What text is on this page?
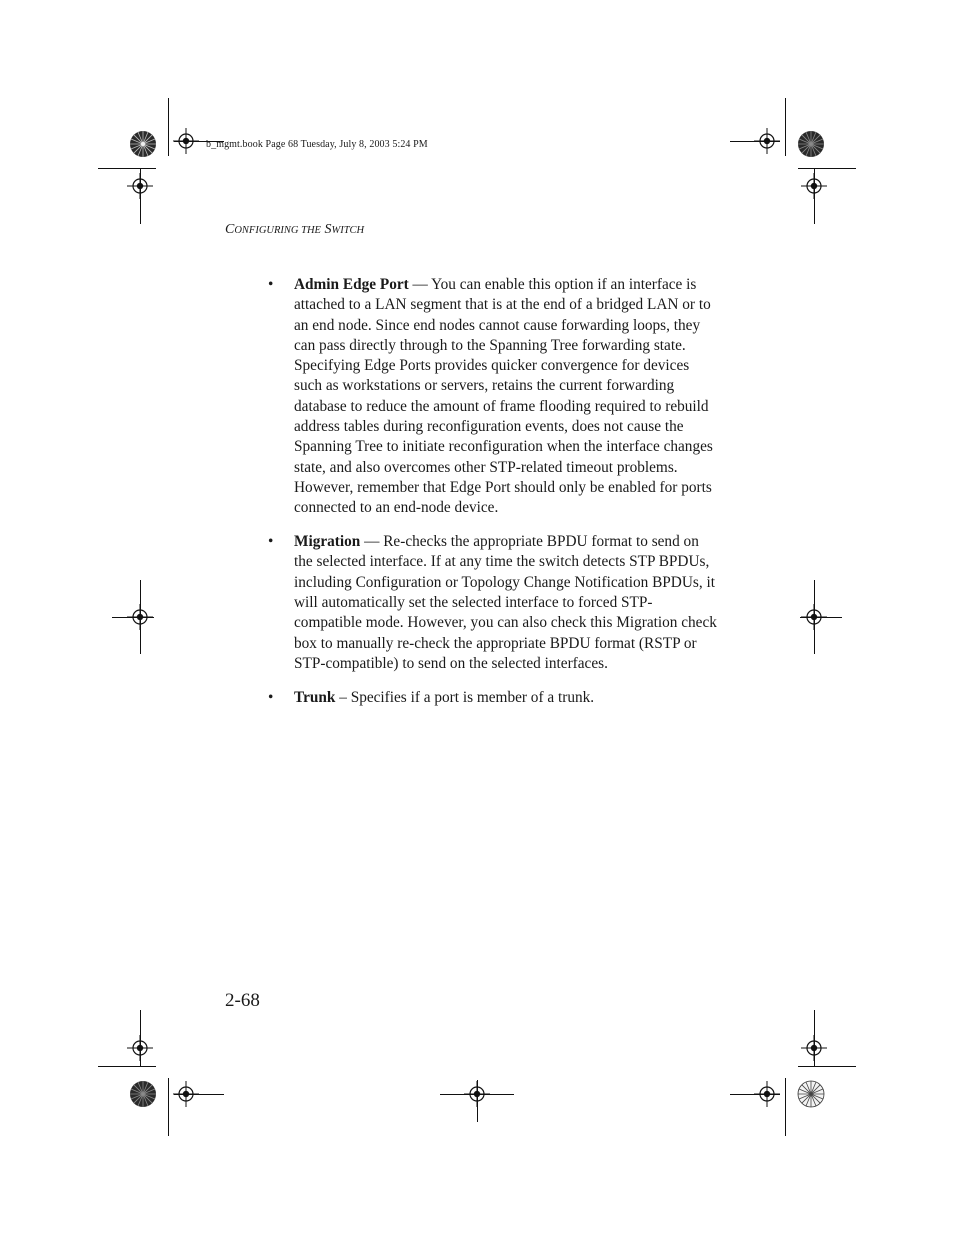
b_mgmt.book Page 68 Tuesday, July 8, 2003 5:24 PM
CONFIGURING THE SWITCH
• Admin Edge Port — You can enable this option if an interface is attached to a LAN segment that is at the end of a bridged LAN or to an end node. Since end nodes cannot cause forwarding loops, they can pass directly through to the Spanning Tree forwarding state. Specifying Edge Ports provides quicker convergence for devices such as workstations or servers, retains the current forwarding database to reduce the amount of frame flooding required to rebuild address tables during reconfiguration events, does not cause the Spanning Tree to initiate reconfiguration when the interface changes state, and also overcomes other STP-related timeout problems. However, remember that Edge Port should only be enabled for ports connected to an end-node device.
• Migration — Re-checks the appropriate BPDU format to send on the selected interface. If at any time the switch detects STP BPDUs, including Configuration or Topology Change Notification BPDUs, it will automatically set the selected interface to forced STP-compatible mode. However, you can also check this Migration check box to manually re-check the appropriate BPDU format (RSTP or STP-compatible) to send on the selected interfaces.
• Trunk – Specifies if a port is member of a trunk.
2-68
